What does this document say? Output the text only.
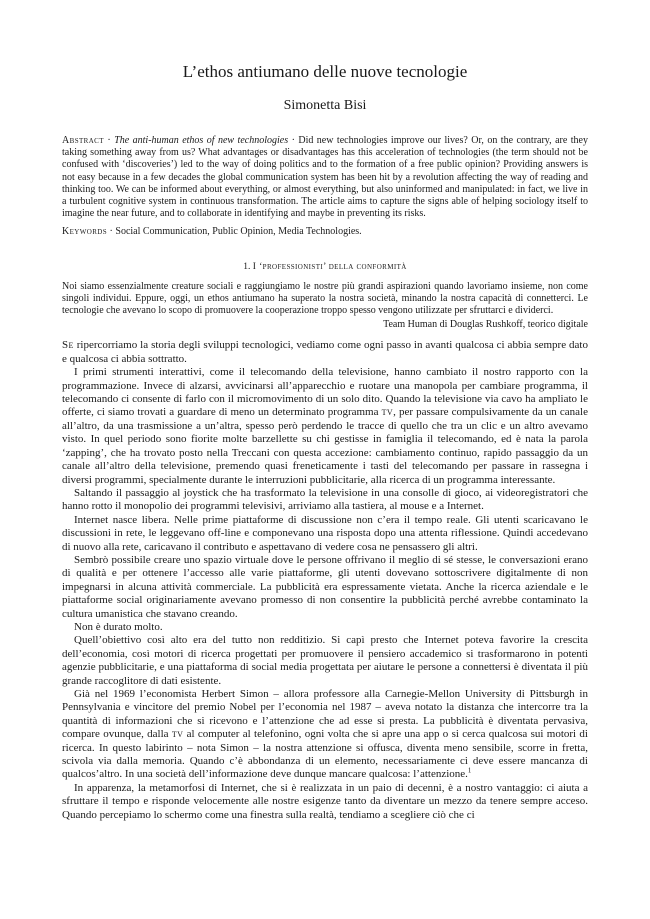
L’ethos antiumano delle nuove tecnologie
Simonetta Bisi
Abstract · The anti-human ethos of new technologies · Did new technologies improve our lives? Or, on the contrary, are they taking something away from us? What advantages or disadvantages has this acceleration of technologies (the term should not be confused with ‘discoveries’) led to the way of doing politics and to the formation of a free public opinion? Providing answers is not easy because in a few decades the global communication system has been hit by a revolution affecting the way of reading and thinking too. We can be informed about everything, or almost everything, but also uninformed and manipulated: in fact, we live in a turbulent cognitive system in continuous transformation. The article aims to capture the signs able of helping sociology itself to imagine the near future, and to collaborate in identifying and maybe in preventing its risks.
Keywords · Social Communication, Public Opinion, Media Technologies.
1. I ‘professionisti’ della conformità
Noi siamo essenzialmente creature sociali e raggiungiamo le nostre più grandi aspirazioni quando lavoriamo insieme, non come singoli individui. Eppure, oggi, un ethos antiumano ha superato la nostra società, minando la nostra capacità di connetterci. Le tecnologie che avevano lo scopo di promuovere la cooperazione troppo spesso vengono utilizzate per sfruttarci e dividerci.
Team Human di Douglas Rushkoff, teorico digitale

Se ripercorriamo la storia degli sviluppi tecnologici, vediamo come ogni passo in avanti qualcosa ci abbia sempre dato e qualcosa ci abbia sottratto.

I primi strumenti interattivi, come il telecomando della televisione, hanno cambiato il nostro rapporto con la programmazione. Invece di alzarsi, avvicinarsi all’apparecchio e ruotare una manopola per cambiare programma, il telecomando ci consente di farlo con il micromovimento di un solo dito. Quando la televisione via cavo ha ampliato le offerte, ci siamo trovati a guardare di meno un determinato programma tv, per passare compulsivamente da un canale all’altro, da una trasmissione a un’altra, spesso però perdendo le tracce di quello che tra un clic e un altro avevamo visto. In quel periodo sono fiorite molte barzellette su chi gestisse in famiglia il telecomando, ed è nata la parola ‘zapping’, che ha trovato posto nella Treccani con questa accezione: cambiamento continuo, rapido passaggio da un canale all’altro della televisione, premendo quasi freneticamente i tasti del telecomando per passare in rassegna i diversi programmi, specialmente durante le interruzioni pubblicitarie, alla ricerca di un programma interessante.

Saltando il passaggio al joystick che ha trasformato la televisione in una consolle di gioco, ai videoregistratori che hanno rotto il monopolio dei programmi televisivi, arriviamo alla tastiera, al mouse e a Internet.

Internet nasce libera. Nelle prime piattaforme di discussione non c’era il tempo reale. Gli utenti scaricavano le discussioni in rete, le leggevano off-line e componevano una risposta dopo una attenta riflessione. Quindi accedevano di nuovo alla rete, caricavano il contributo e aspettavano di vedere cosa ne pensassero gli altri.

Sembrò possibile creare uno spazio virtuale dove le persone offrivano il meglio di sé stesse, le conversazioni erano di qualità e per ottenere l’accesso alle varie piattaforme, gli utenti dovevano sottoscrivere digitalmente di non impegnarsi in alcuna attività commerciale. La pubblicità era espressamente vietata. Anche la ricerca aziendale e le piattaforme social originariamente avevano promesso di non consentire la pubblicità perché avrebbe contaminato la cultura umanistica che stavano creando.

Non è durato molto.

Quell’obiettivo così alto era del tutto non redditizio. Si capì presto che Internet poteva favorire la crescita dell’economia, così motori di ricerca progettati per promuovere il pensiero accademico si trasformarono in potenti agenzie pubblicitarie, e una piattaforma di social media progettata per aiutare le persone a connettersi è diventata il più grande raccoglitore di dati esistente.

Già nel 1969 l’economista Herbert Simon – allora professore alla Carnegie-Mellon University di Pittsburgh in Pennsylvania e vincitore del premio Nobel per l’economia nel 1987 – aveva notato la distanza che intercorre tra la quantità di informazioni che si ricevono e l’attenzione che ad esse si presta. La pubblicità è diventata pervasiva, compare ovunque, dalla tv al computer al telefonino, ogni volta che si apre una app o si cerca qualcosa sui motori di ricerca. In questo labirinto – nota Simon – la nostra attenzione si offusca, diventa meno sensibile, scorre in fretta, scivola via dalla memoria. Quando c’è abbondanza di un elemento, necessariamente ci deve essere mancanza di qualcos’altro. In una società dell’informazione deve dunque mancare qualcosa: l’attenzione.$^1$

In apparenza, la metamorfosi di Internet, che si è realizzata in un paio di decenni, è a nostro vantaggio: ci aiuta a sfruttare il tempo e risponde velocemente alle nostre esigenze tanto da diventare un mezzo da tenere sempre acceso. Quando percepiamo lo schermo come una finestra sulla realtà, tendiamo a scegliere ciò che ci
